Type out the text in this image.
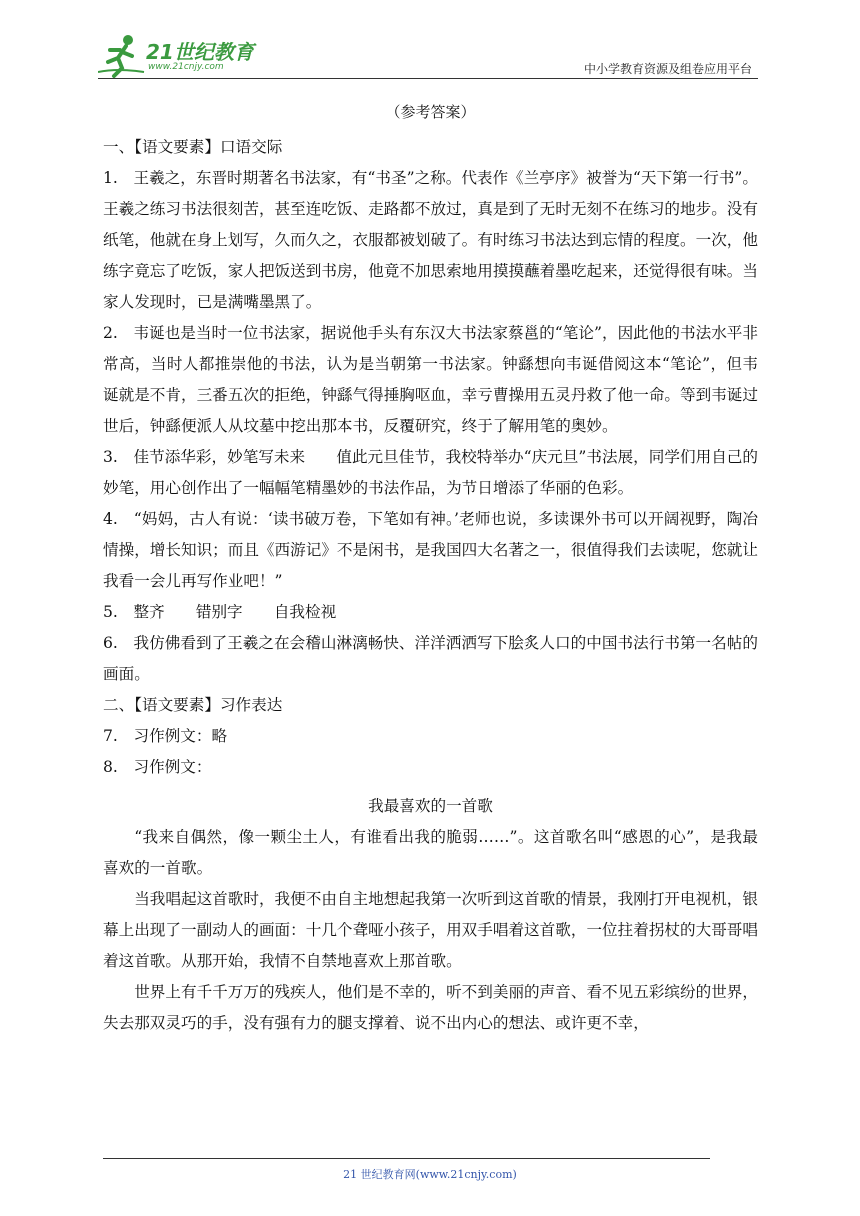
21世纪教育
www.21cnjy.com	中小学教育资源及组卷应用平台
（参考答案）

一、【语文要素】口语交际

1.　王羲之，东晋时期著名书法家，有“书圣”之称。代表作《兰亭序》被誉为“天下第一行书”。王羲之练习书法很刻苦，甚至连吃饭、走路都不放过，真是到了无时无刻不在练习的地步。没有纸笔，他就在身上划写，久而久之，衣服都被划破了。有时练习书法达到忘情的程度。一次，他练字竟忘了吃饭，家人把饭送到书房，他竟不加思索地用摸摸蘸着墨吃起来，还觉得很有味。当家人发现时，已是满嘴墨黑了。

2.　韦诞也是当时一位书法家，据说他手头有东汉大书法家蔡邕的“笔论”，因此他的书法水平非常高，当时人都推崇他的书法，认为是当朝第一书法家。钟繇想向韦诞借阅这本“笔论”，但韦诞就是不肯，三番五次的拒绝，钟繇气得捶胸呕血，幸亏曹操用五灵丹救了他一命。等到韦诞过世后，钟繇便派人从坟墓中挖出那本书，反覆研究，终于了解用笔的奥妙。

3.　佳节添华彩，妙笔写未来　　值此元旦佳节，我校特举办“庆元旦”书法展，同学们用自己的妙笔，用心创作出了一幅幅笔精墨妙的书法作品，为节日增添了华丽的色彩。

4.　“妈妈，古人有说：‘读书破万卷，下笔如有神。’老师也说，多读课外书可以开阔视野，陶冶情操，增长知识；而且《西游记》不是闲书，是我国四大名著之一，很值得我们去读呢，您就让我看一会儿再写作业吧！”

5.　整齐　　错别字　　自我检视

6.　我仿佛看到了王羲之在会稽山淋漓畅快、洋洋洒洒写下脍炙人口的中国书法行书第一名帖的画面。

二、【语文要素】习作表达

7.　习作例文：略

8.　习作例文：

我最喜欢的一首歌

“我来自偶然，像一颗尘土人，有谁看出我的脆弱……”。这首歌名叫“感恩的心”，是我最喜欢的一首歌。

当我唱起这首歌时，我便不由自主地想起我第一次听到这首歌的情景，我刚打开电视机，银幕上出现了一副动人的画面：十几个聋哑小孩子，用双手唱着这首歌，一位拄着拐杖的大哥哥唱着这首歌。从那开始，我情不自禁地喜欢上那首歌。

世界上有千千万万的残疾人，他们是不幸的，听不到美丽的声音、看不见五彩缤纷的世界，失去那双灵巧的手，没有强有力的腿支撑着、说不出内心的想法、或许更不幸，

21 世纪教育网(www.21cnjy.com)
